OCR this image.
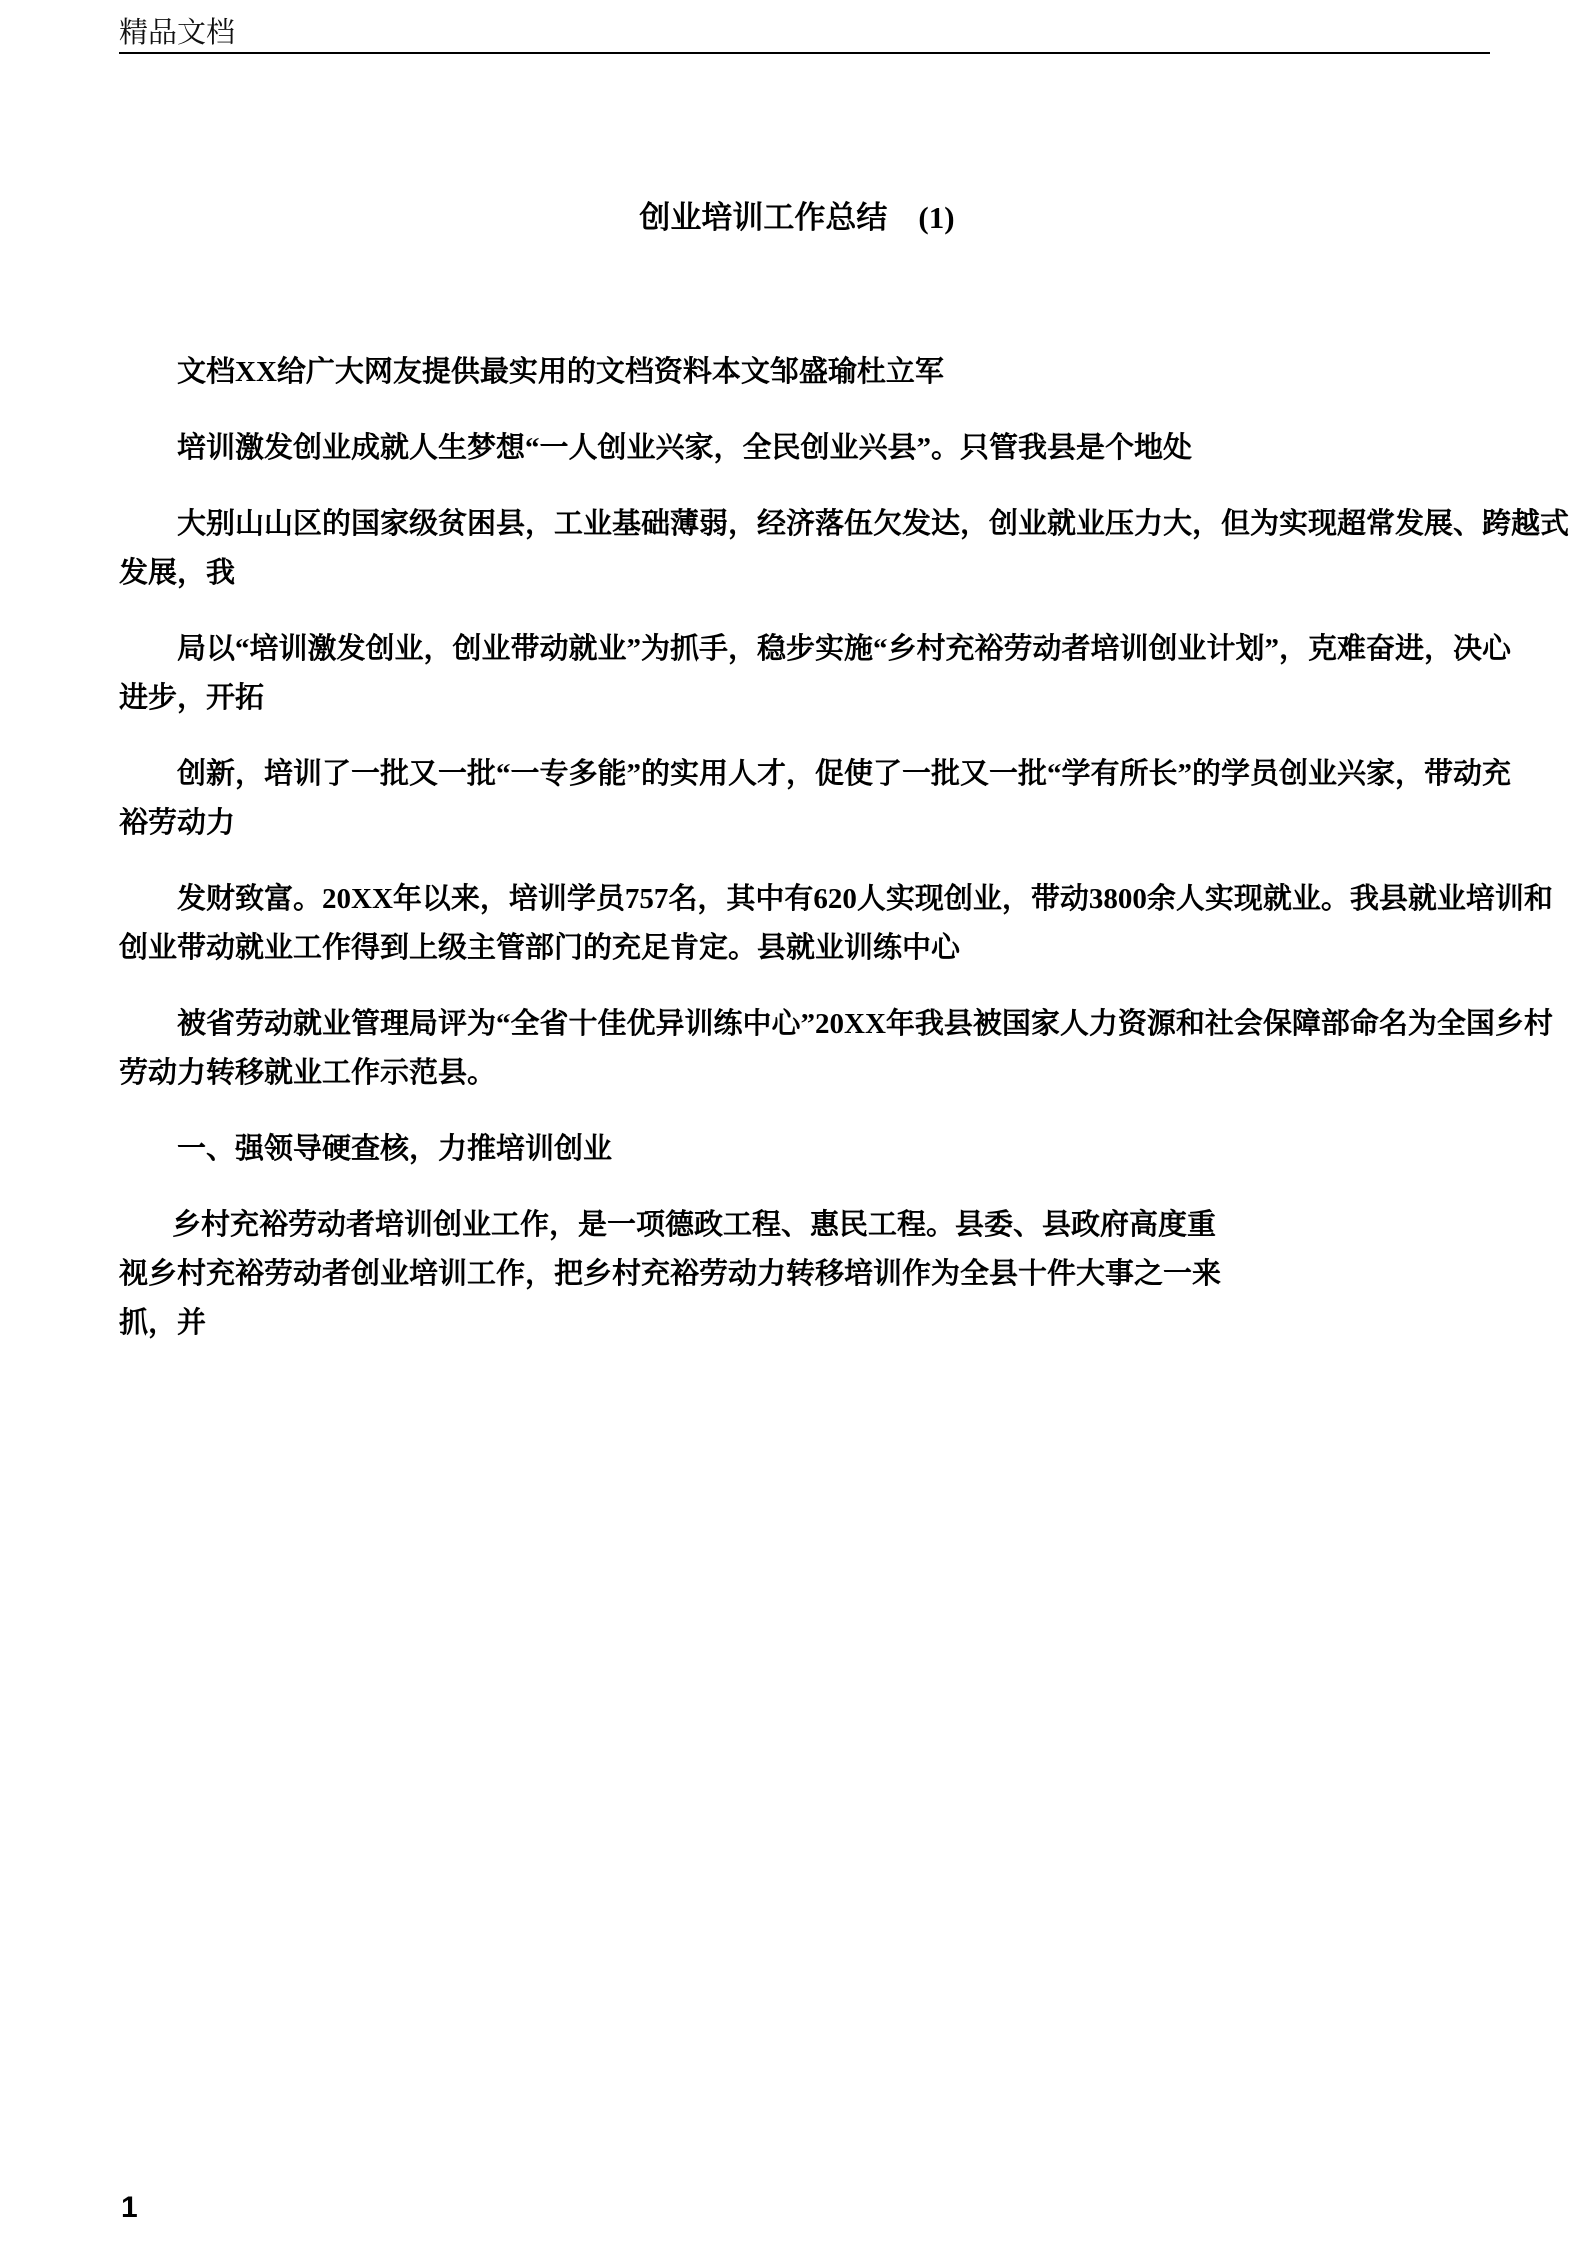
精品文档
创业培训工作总结　(1)

文档XX给广大网友提供最实用的文档资料本文邹盛瑜杜立军

培训激发创业成就人生梦想“一人创业兴家，全民创业兴县”。只管我县是个地处

大别山山区的国家级贫困县，工业基础薄弱，经济落伍欠发达，创业就业压力大，但为实现超常发展、跨越式
发展，我

局以“培训激发创业，创业带动就业”为抓手，稳步实施“乡村充裕劳动者培训创业计划”，克难奋进，决心
进步，开拓

创新，培训了一批又一批“一专多能”的实用人才，促使了一批又一批“学有所长”的学员创业兴家，带动充
裕劳动力

发财致富。20XX年以来，培训学员757名，其中有620人实现创业，带动3800余人实现就业。我县就业培训和
创业带动就业工作得到上级主管部门的充足肯定。县就业训练中心

被省劳动就业管理局评为“全省十佳优异训练中心”20XX年我县被国家人力资源和社会保障部命名为全国乡村
劳动力转移就业工作示范县。

一、强领导硬查核，力推培训创业

乡村充裕劳动者培训创业工作，是一项德政工程、惠民工程。县委、县政府高度重
视乡村充裕劳动者创业培训工作，把乡村充裕劳动力转移培训作为全县十件大事之一来
抓，并

1
